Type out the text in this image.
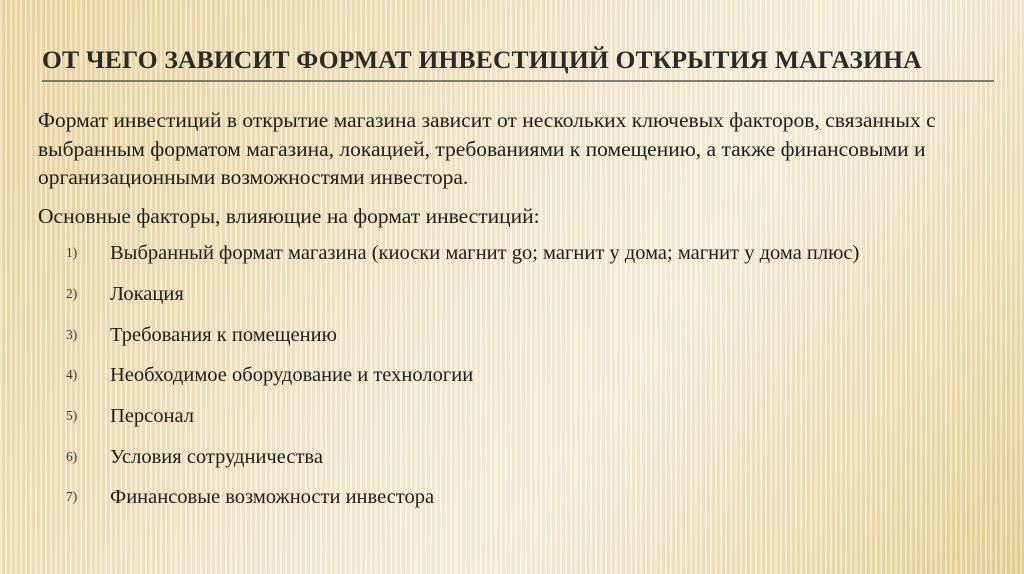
ОТ ЧЕГО ЗАВИСИТ ФОРМАТ ИНВЕСТИЦИЙ ОТКРЫТИЯ МАГАЗИНА

Формат инвестиций в открытие магазина зависит от нескольких ключевых факторов, связанных с выбранным форматом магазина, локацией, требованиями к помещению, а также финансовыми и организационными возможностями инвестора.

Основные факторы, влияющие на формат инвестиций:

1)	Выбранный формат магазина (киоски магнит go; магнит у дома; магнит у дома плюс)
2)	Локация
3)	Требования к помещению
4)	Необходимое оборудование и технологии
5)	Персонал
6)	Условия сотрудничества
7)	Финансовые возможности инвестора
